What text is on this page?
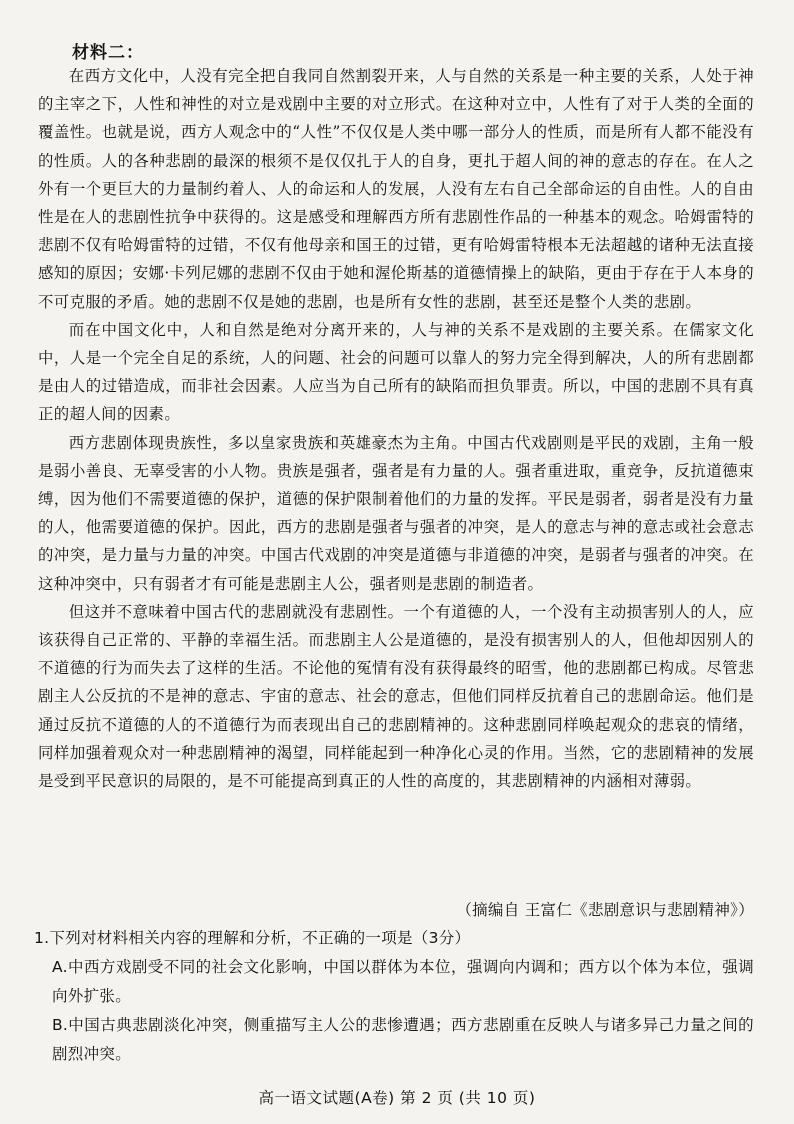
材料二：

在西方文化中，人没有完全把自我同自然割裂开来，人与自然的关系是一种主要的关系，人处于神的主宰之下，人性和神性的对立是戏剧中主要的对立形式。在这种对立中，人性有了对于人类的全面的覆盖性。也就是说，西方人观念中的“人性”不仅仅是人类中哪一部分人的性质，而是所有人都不能没有的性质。人的各种悲剧的最深的根须不是仅仅扎于人的自身，更扎于超人间的神的意志的存在。在人之外有一个更巨大的力量制约着人、人的命运和人的发展，人没有左右自己全部命运的自由性。人的自由性是在人的悲剧性抗争中获得的。这是感受和理解西方所有悲剧性作品的一种基本的观念。哈姆雷特的悲剧不仅有哈姆雷特的过错，不仅有他母亲和国王的过错，更有哈姆雷特根本无法超越的诸种无法直接感知的原因；安娜·卡列尼娜的悲剧不仅由于她和渥伦斯基的道德情操上的缺陷，更由于存在于人本身的不可克服的矛盾。她的悲剧不仅是她的悲剧，也是所有女性的悲剧，甚至还是整个人类的悲剧。

而在中国文化中，人和自然是绝对分离开来的，人与神的关系不是戏剧的主要关系。在儒家文化中，人是一个完全自足的系统，人的问题、社会的问题可以靠人的努力完全得到解决，人的所有悲剧都是由人的过错造成，而非社会因素。人应当为自己所有的缺陷而担负罪责。所以，中国的悲剧不具有真正的超人间的因素。

西方悲剧体现贵族性，多以皇家贵族和英雄豪杰为主角。中国古代戏剧则是平民的戏剧，主角一般是弱小善良、无辜受害的小人物。贵族是强者，强者是有力量的人。强者重进取，重竞争，反抗道德束缚，因为他们不需要道德的保护，道德的保护限制着他们的力量的发挥。平民是弱者，弱者是没有力量的人，他需要道德的保护。因此，西方的悲剧是强者与强者的冲突，是人的意志与神的意志或社会意志的冲突，是力量与力量的冲突。中国古代戏剧的冲突是道德与非道德的冲突，是弱者与强者的冲突。在这种冲突中，只有弱者才有可能是悲剧主人公，强者则是悲剧的制造者。

但这并不意味着中国古代的悲剧就没有悲剧性。一个有道德的人，一个没有主动损害别人的人，应该获得自己正常的、平静的幸福生活。而悲剧主人公是道德的，是没有损害别人的人，但他却因别人的不道德的行为而失去了这样的生活。不论他的冤情有没有获得最终的昭雪，他的悲剧都已构成。尽管悲剧主人公反抗的不是神的意志、宇宙的意志、社会的意志，但他们同样反抗着自己的悲剧命运。他们是通过反抗不道德的人的不道德行为而表现出自己的悲剧精神的。这种悲剧同样唤起观众的悲哀的情绪，同样加强着观众对一种悲剧精神的渴望，同样能起到一种净化心灵的作用。当然，它的悲剧精神的发展是受到平民意识的局限的，是不可能提高到真正的人性的高度的，其悲剧精神的内涵相对薄弱。

（摘编自 王富仁《悲剧意识与悲剧精神》）

1.下列对材料相关内容的理解和分析，不正确的一项是（3分）

A.中西方戏剧受不同的社会文化影响，中国以群体为本位，强调向内调和；西方以个体为本位，强调向外扩张。

B.中国古典悲剧淡化冲突，侧重描写主人公的悲惨遭遇；西方悲剧重在反映人与诸多异己力量之间的剧烈冲突。

高一语文试题(A卷) 第 2 页 (共 10 页)
